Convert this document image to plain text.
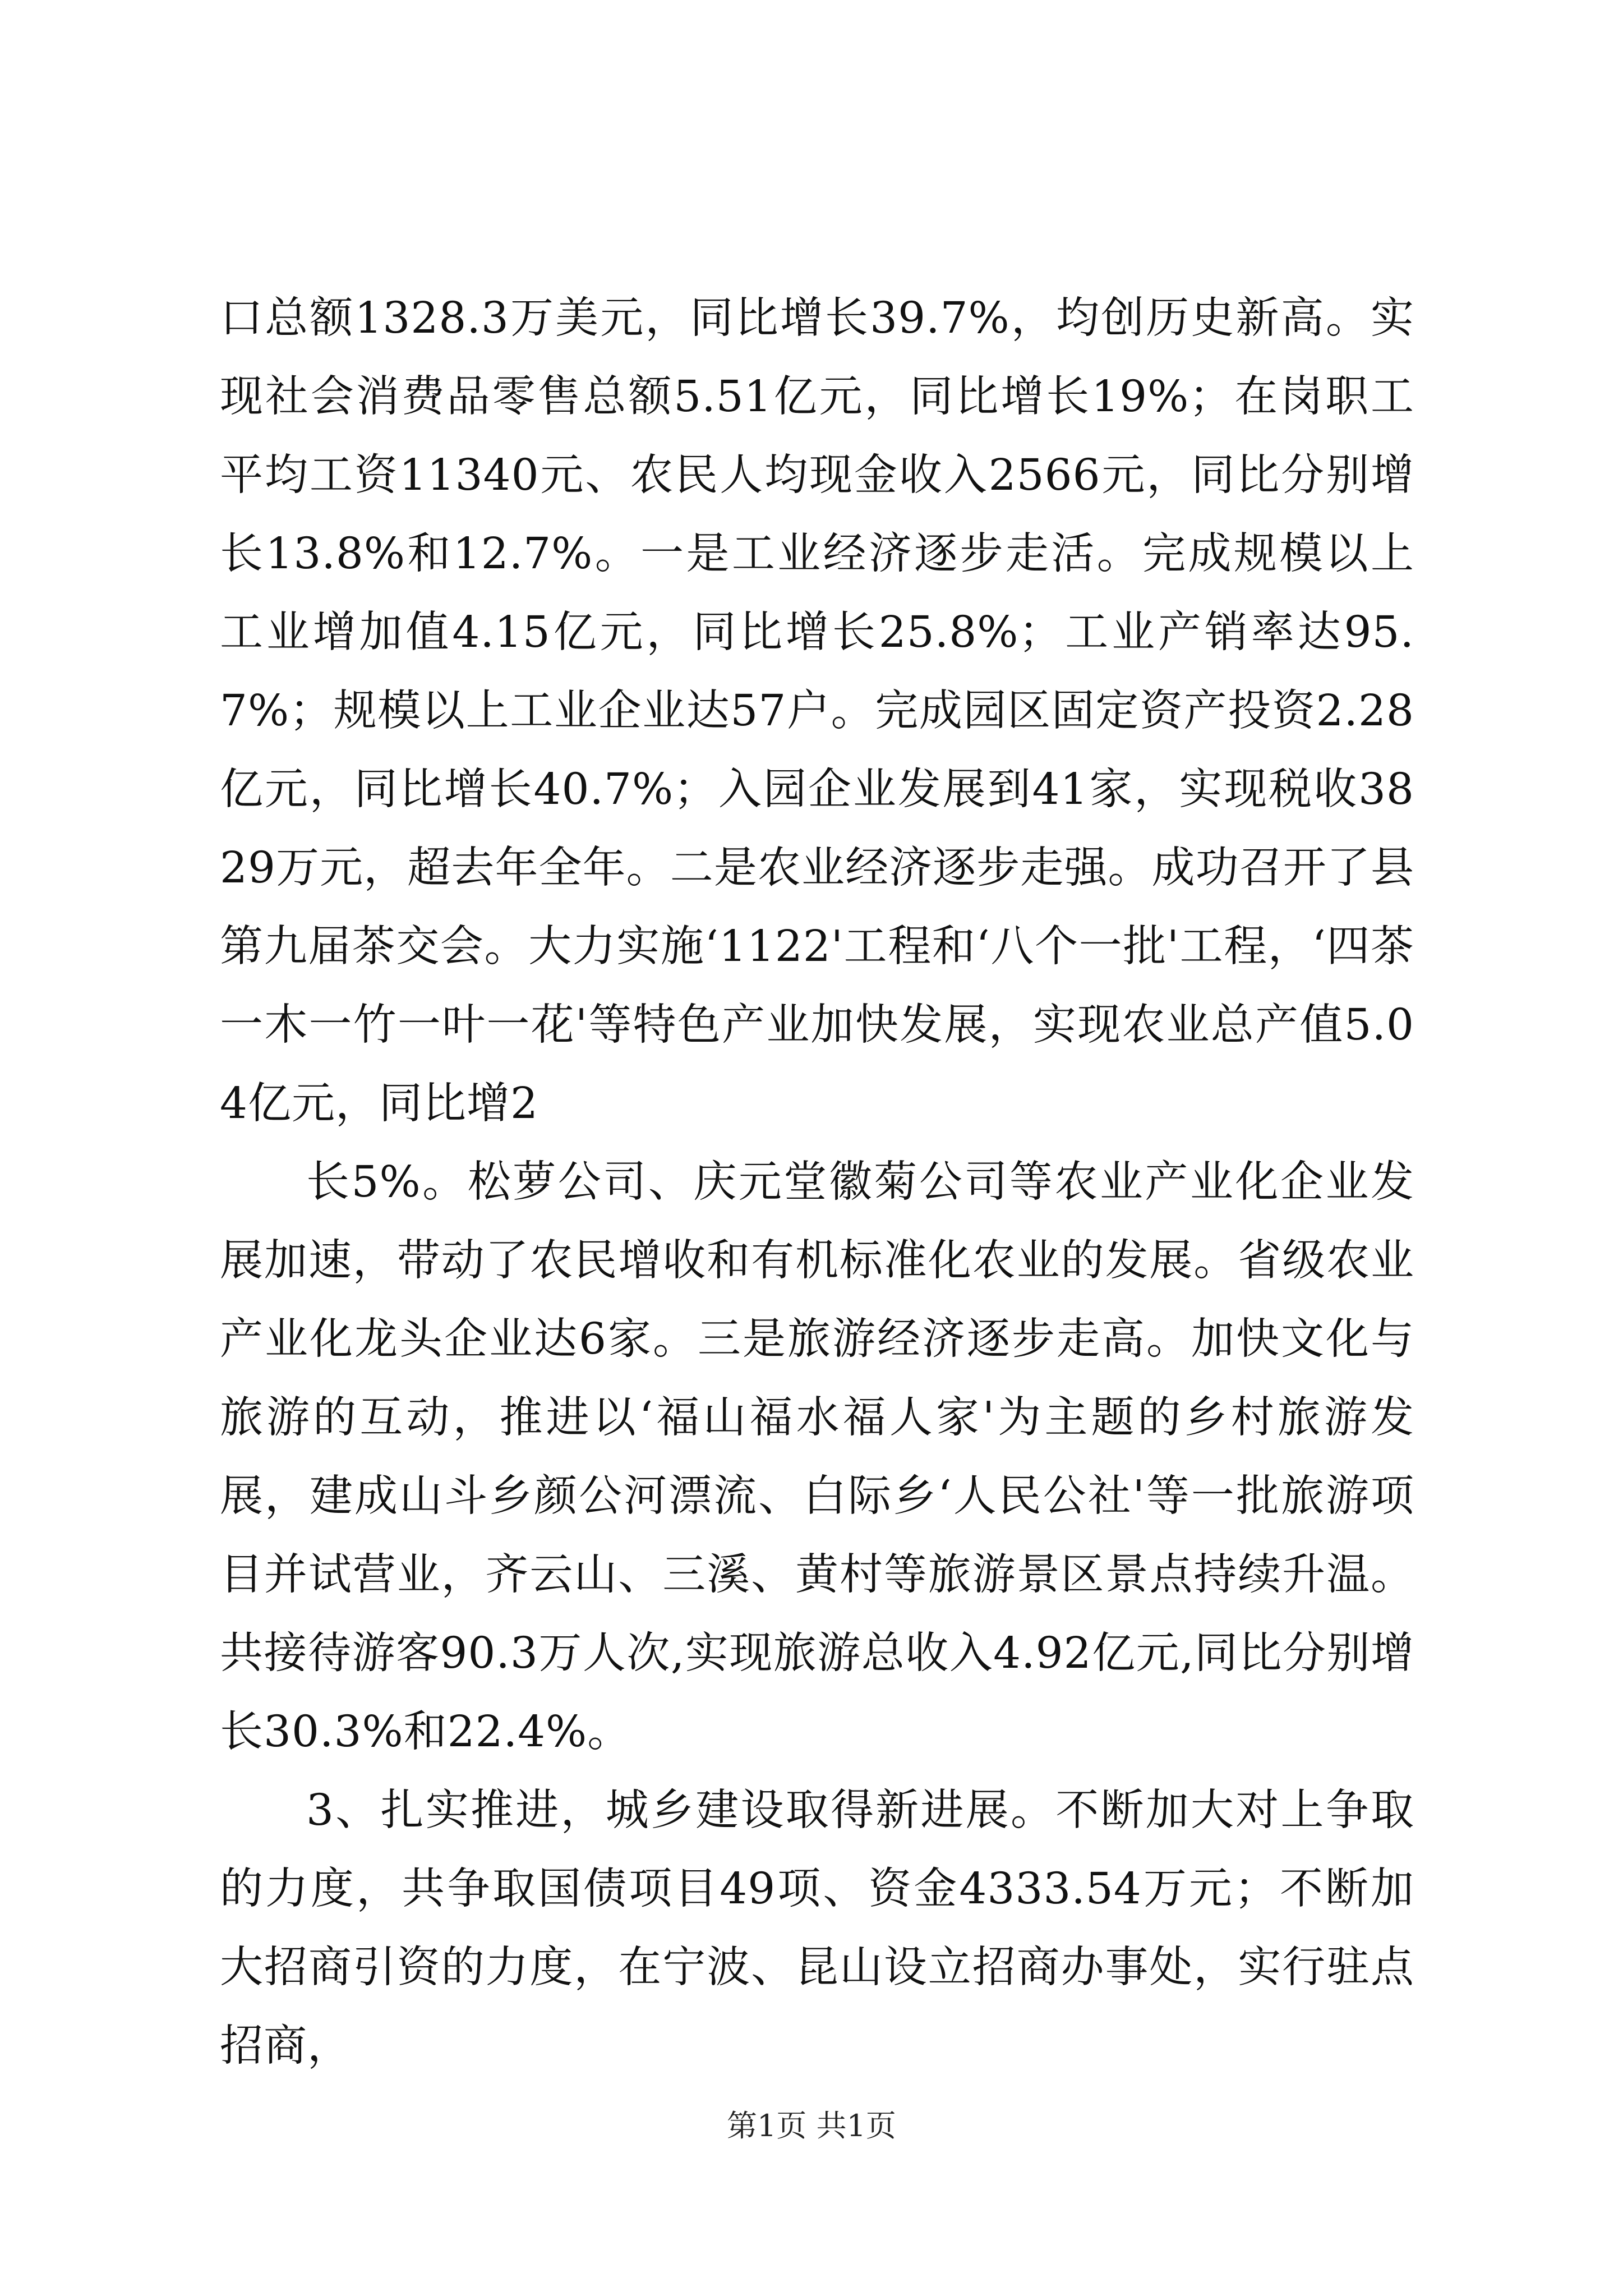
口总额1328.3万美元，同比增长39.7%，均创历史新高。实现社会消费品零售总额5.51亿元，同比增长19%；在岗职工平均工资11340元、农民人均现金收入2566元，同比分别增长13.8%和12.7%。一是工业经济逐步走活。完成规模以上工业增加值4.15亿元，同比增长25.8%；工业产销率达95.7%；规模以上工业企业达57户。完成园区固定资产投资2.28亿元，同比增长40.7%；入园企业发展到41家，实现税收3829万元，超去年全年。二是农业经济逐步走强。成功召开了县第九届茶交会。大力实施‘1122'工程和‘八个一批'工程，‘四茶一木一竹一叶一花'等特色产业加快发展，实现农业总产值5.04亿元，同比增2

长5%。松萝公司、庆元堂徽菊公司等农业产业化企业发展加速，带动了农民增收和有机标准化农业的发展。省级农业产业化龙头企业达6家。三是旅游经济逐步走高。加快文化与旅游的互动，推进以‘福山福水福人家'为主题的乡村旅游发展，建成山斗乡颜公河漂流、白际乡‘人民公社'等一批旅游项目并试营业，齐云山、三溪、黄村等旅游景区景点持续升温。共接待游客90.3万人次,实现旅游总收入4.92亿元,同比分别增长30.3%和22.4%。

3、扎实推进，城乡建设取得新进展。不断加大对上争取的力度，共争取国债项目49项、资金4333.54万元；不断加大招商引资的力度，在宁波、昆山设立招商办事处，实行驻点招商，

第1页 共1页
